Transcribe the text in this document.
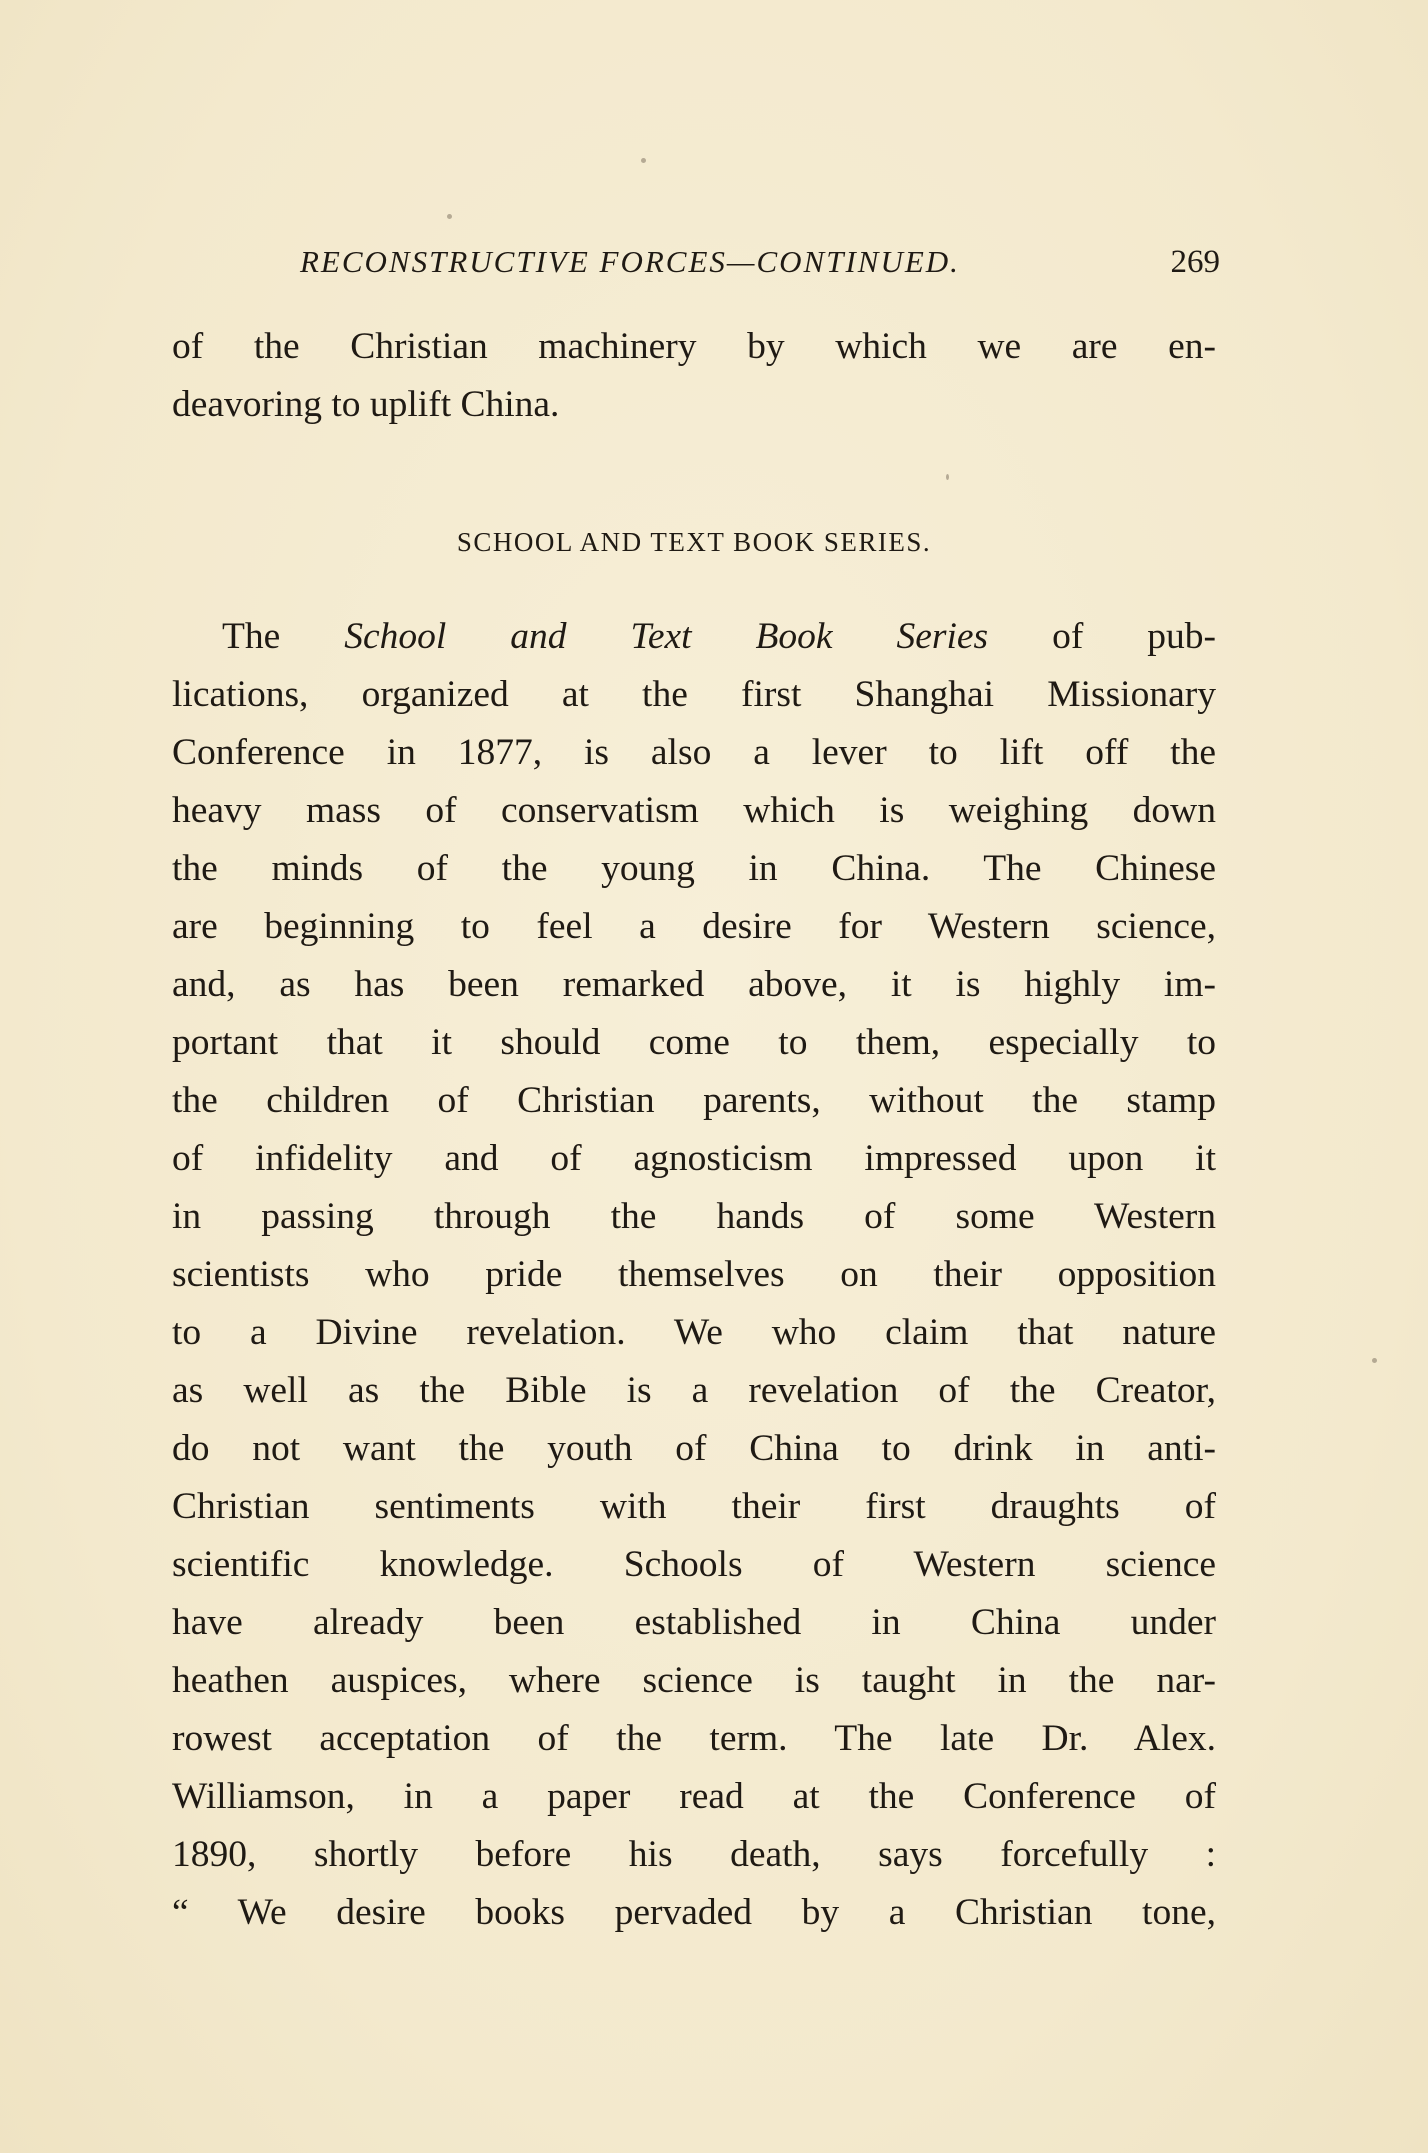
RECONSTRUCTIVE FORCES—CONTINUED.	269
of the Christian machinery by which we are en-
deavoring to uplift China.
SCHOOL AND TEXT BOOK SERIES.
The School and Text Book Series of pub-
lications, organized at the first Shanghai Missionary
Conference in 1877, is also a lever to lift off the
heavy mass of conservatism which is weighing down
the minds of the young in China. The Chinese
are beginning to feel a desire for Western science,
and, as has been remarked above, it is highly im-
portant that it should come to them, especially to
the children of Christian parents, without the stamp
of infidelity and of agnosticism impressed upon it
in passing through the hands of some Western
scientists who pride themselves on their opposition
to a Divine revelation. We who claim that nature
as well as the Bible is a revelation of the Creator,
do not want the youth of China to drink in anti-
Christian sentiments with their first draughts of
scientific knowledge. Schools of Western science
have already been established in China under
heathen auspices, where science is taught in the nar-
rowest acceptation of the term. The late Dr. Alex.
Williamson, in a paper read at the Conference of
1890, shortly before his death, says forcefully :
“ We desire books pervaded by a Christian tone,
